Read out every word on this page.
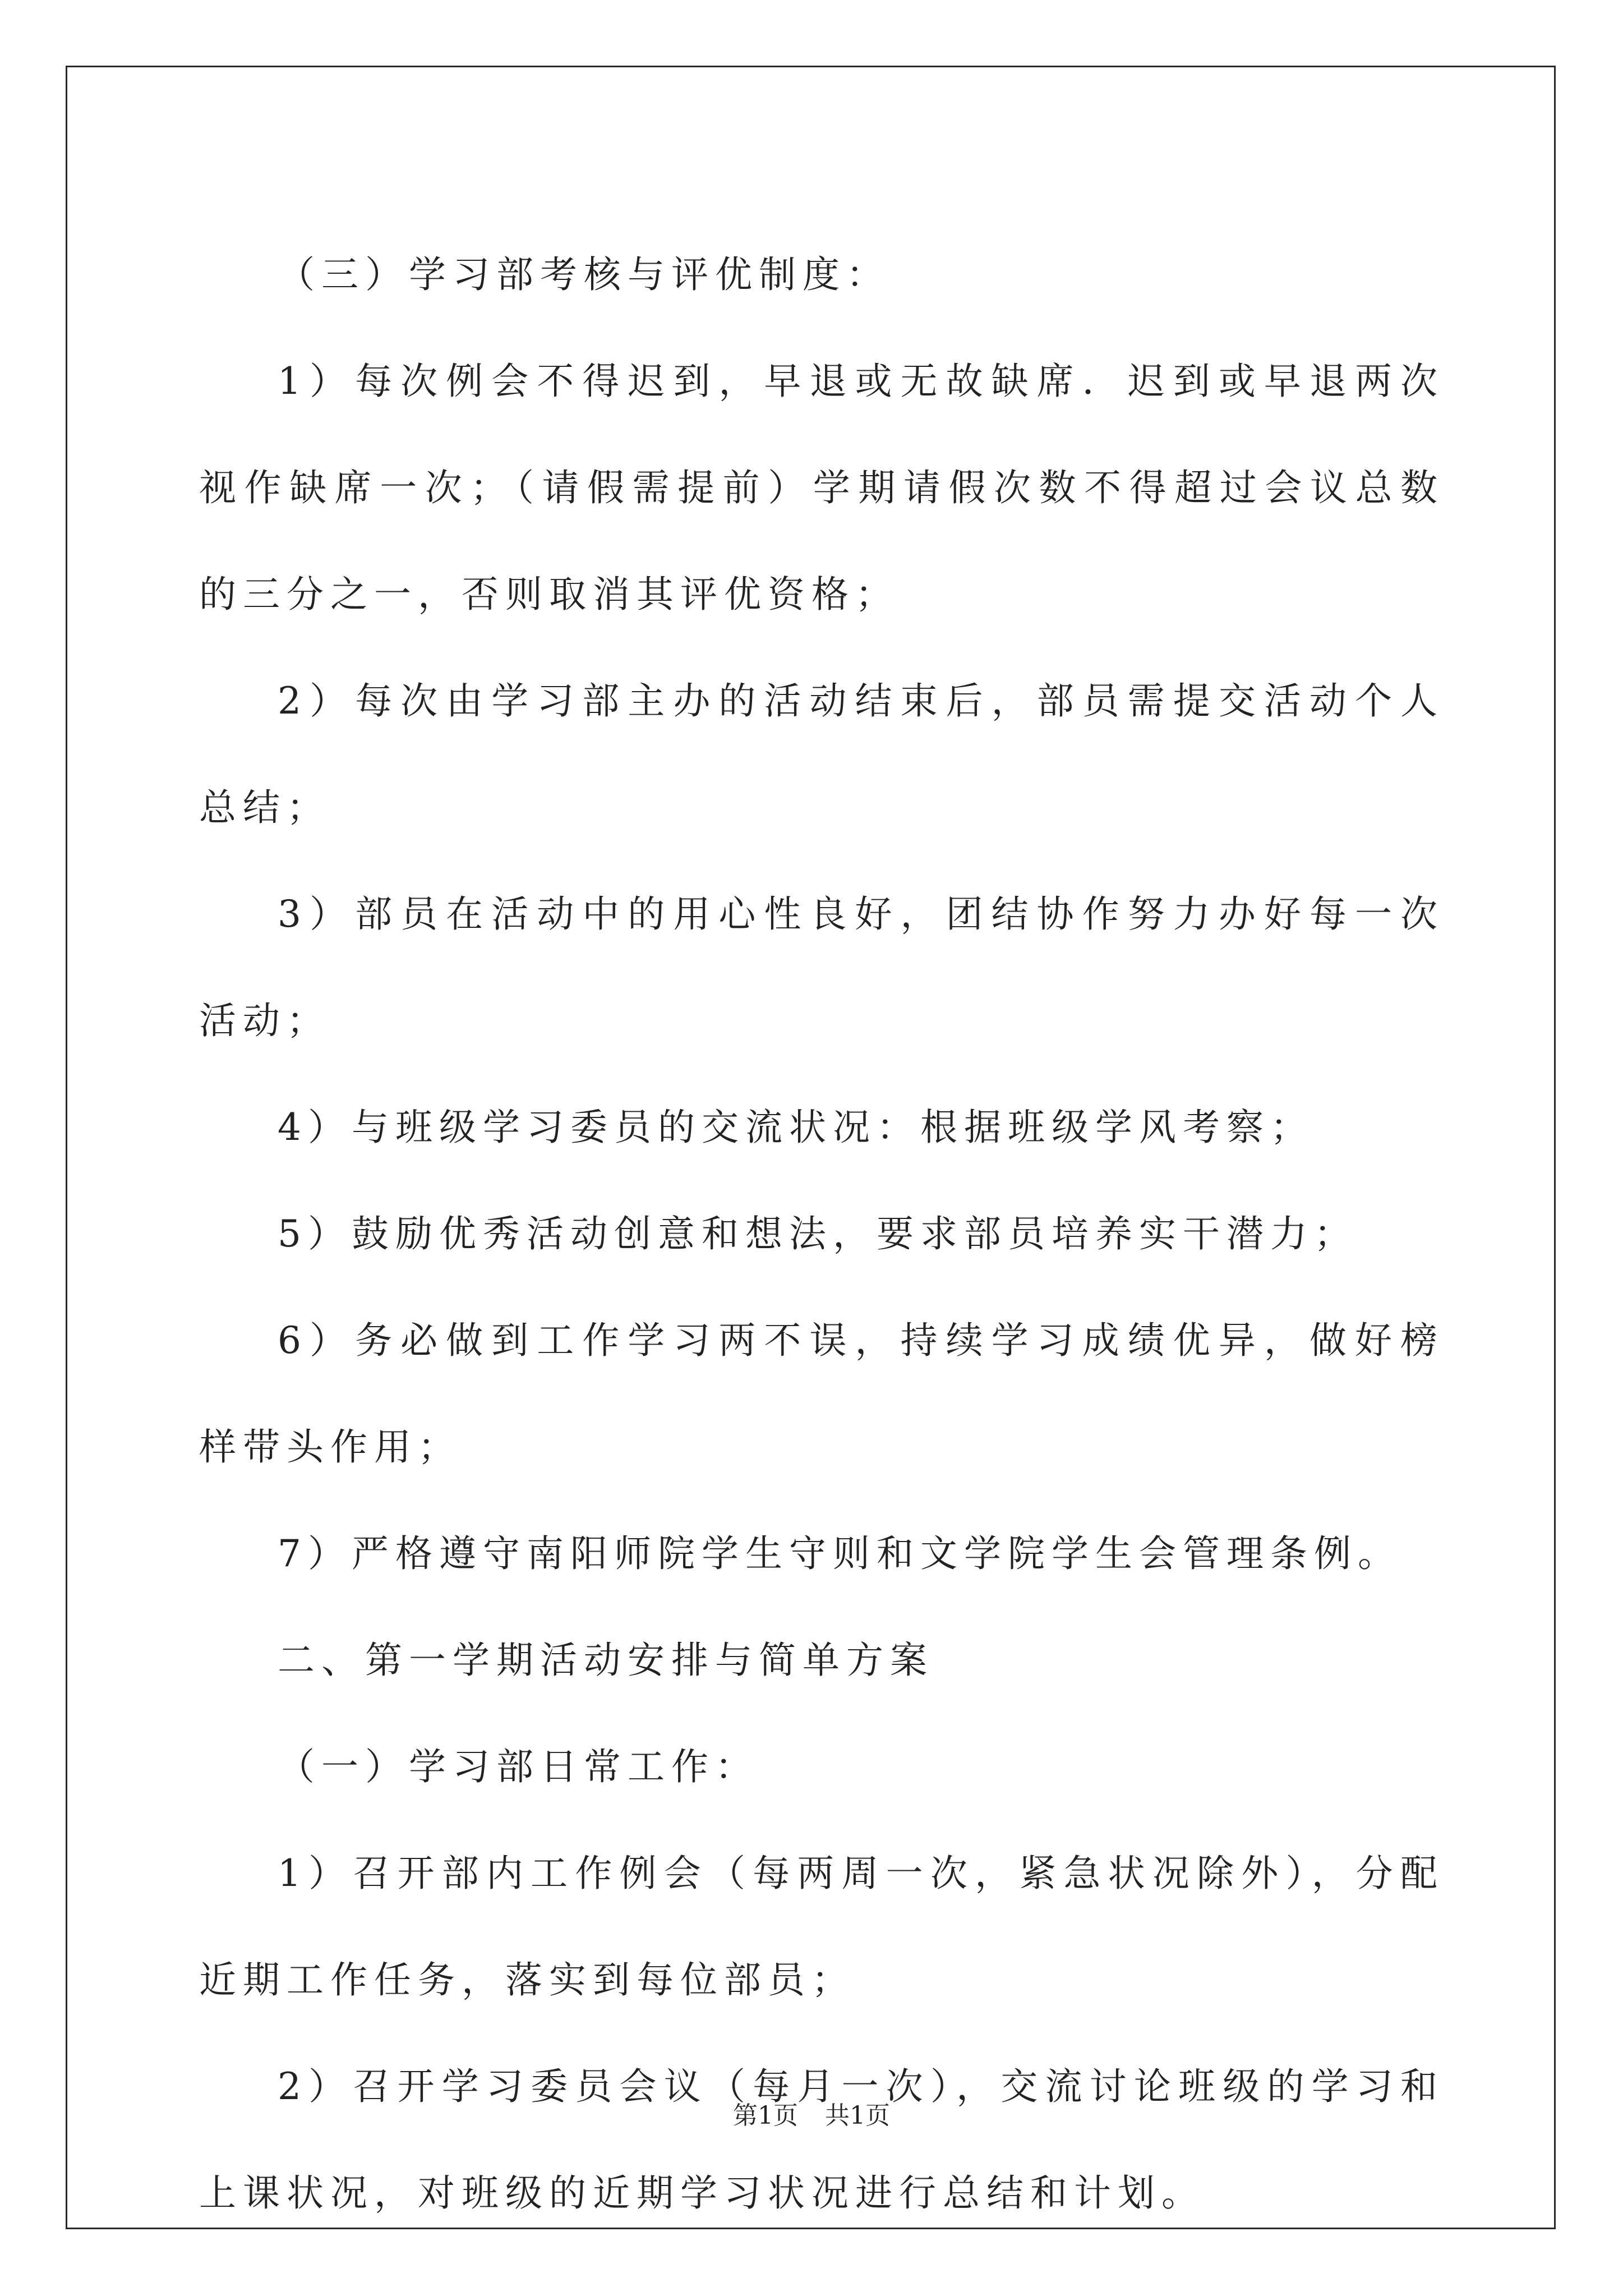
（三）学习部考核与评优制度：

1）每次例会不得迟到，早退或无故缺席．迟到或早退两次视作缺席一次；（请假需提前）学期请假次数不得超过会议总数的三分之一，否则取消其评优资格；

2）每次由学习部主办的活动结束后，部员需提交活动个人总结；

3）部员在活动中的用心性良好，团结协作努力办好每一次活动；

4）与班级学习委员的交流状况：根据班级学风考察；

5）鼓励优秀活动创意和想法，要求部员培养实干潜力；

6）务必做到工作学习两不误，持续学习成绩优异，做好榜样带头作用；

7）严格遵守南阳师院学生守则和文学院学生会管理条例。

二、第一学期活动安排与简单方案

（一）学习部日常工作：

1）召开部内工作例会（每两周一次，紧急状况除外），分配近期工作任务，落实到每位部员；

2）召开学习委员会议（每月一次），交流讨论班级的学习和上课状况，对班级的近期学习状况进行总结和计划。

第1页 共1页
